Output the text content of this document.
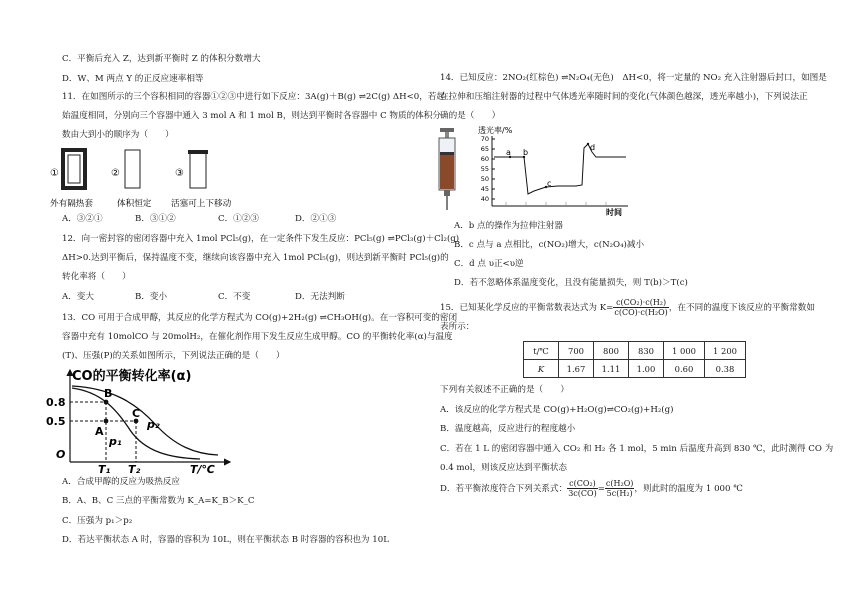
C．平衡后充入 Z，达到新平衡时 Z 的体积分数增大
D．W、M 两点 Y 的正反应速率相等
11．在如图所示的三个容积相同的容器①②③中进行如下反应：3A(g)＋B(g) ⇌2C(g) ΔH<0，若起
始温度相同，分别向三个容器中通入 3 mol A 和 1 mol B，则达到平衡时各容器中 C 物质的体积分
数由大到小的顺序为（　　）
①	②	③
外有隔热套	体积恒定 活塞可上下移动
A．③②①	B．③①②	C．①②③	D．②①③
12．向一密封容的密闭容器中充入 1mol PCl₅(g)，在一定条件下发生反应：PCl₅(g) ⇌PCl₃(g)＋Cl₂(g)
ΔH>0.达到平衡后，保持温度不变，继续向该容器中充入 1mol PCl₅(g)，则达到新平衡时 PCl₅(g)的
转化率将（　　）
A．变大	B．变小	C．不变	D．无法判断
13．CO 可用于合成甲醇，其反应的化学方程式为 CO(g)+2H₂(g) ⇌CH₃OH(g)。在一容积可变的密闭
容器中充有 10molCO 与 20molH₂，在催化剂作用下发生反应生成甲醇。CO 的平衡转化率(α)与温度
(T)、压强(P)的关系如图所示，下列说法正确的是（　　）
CO的平衡转化率(α)
0.8
0.5
O
B
A
C
p₁
p₂
T₁ T₂	T/℃
A．合成甲醇的反应为吸热反应
B．A、B、C 三点的平衡常数为 K_A=K_B＞K_C
C．压强为 p₁＞p₂
D．若达平衡状态 A 时，容器的容积为 10L，则在平衡状态 B 时容器的容积也为 10L
14．已知反应：2NO₂(红棕色) ⇌N₂O₄(无色)　ΔH<0，将一定量的 NO₂ 充入注射器后封口，如图是
在拉伸和压缩注射器的过程中气体透光率随时间的变化(气体颜色越深，透光率越小)，下列说法正
确的是（　　）
透光率/%
70
65
60
55
50
45
40
a b
c
d
时间
A．b 点的操作为拉伸注射器
B．c 点与 a 点相比，c(NO₂)增大，c(N₂O₄)减小
C．d 点 υ正<υ逆
D．若不忽略体系温度变化，且没有能量损失，则 T(b)＞T(c)
15．已知某化学反应的平衡常数表达式为 $K= \frac{\text{c(CO₂)·c(H₂)}}{\text{c(CO)·c(H₂O)}}$ ，在不同的温度下该反应的平衡常数如
表所示：
t/℃	700	800	830	1 000	1 200
K	1.67	1.11	1.00	0.60	0.38
下列有关叙述不正确的是（　　）
A．该反应的化学方程式是 CO(g)+H₂O(g)⇌CO₂(g)+H₂(g)
B．温度越高，反应进行的程度越小
C．若在 1 L 的密闭容器中通入 CO₂ 和 H₂ 各 1 mol，5 min 后温度升高到 830 ℃，此时测得 CO 为
0.4 mol，则该反应达到平衡状态
D．若平衡浓度符合下列关系式： $\frac{\text{c(CO₂)}}{3c(CO)} = \frac{\text{c(H₂O)}}{\text{5c(H₂)}}$ ，则此时的温度为 1 000 ℃
